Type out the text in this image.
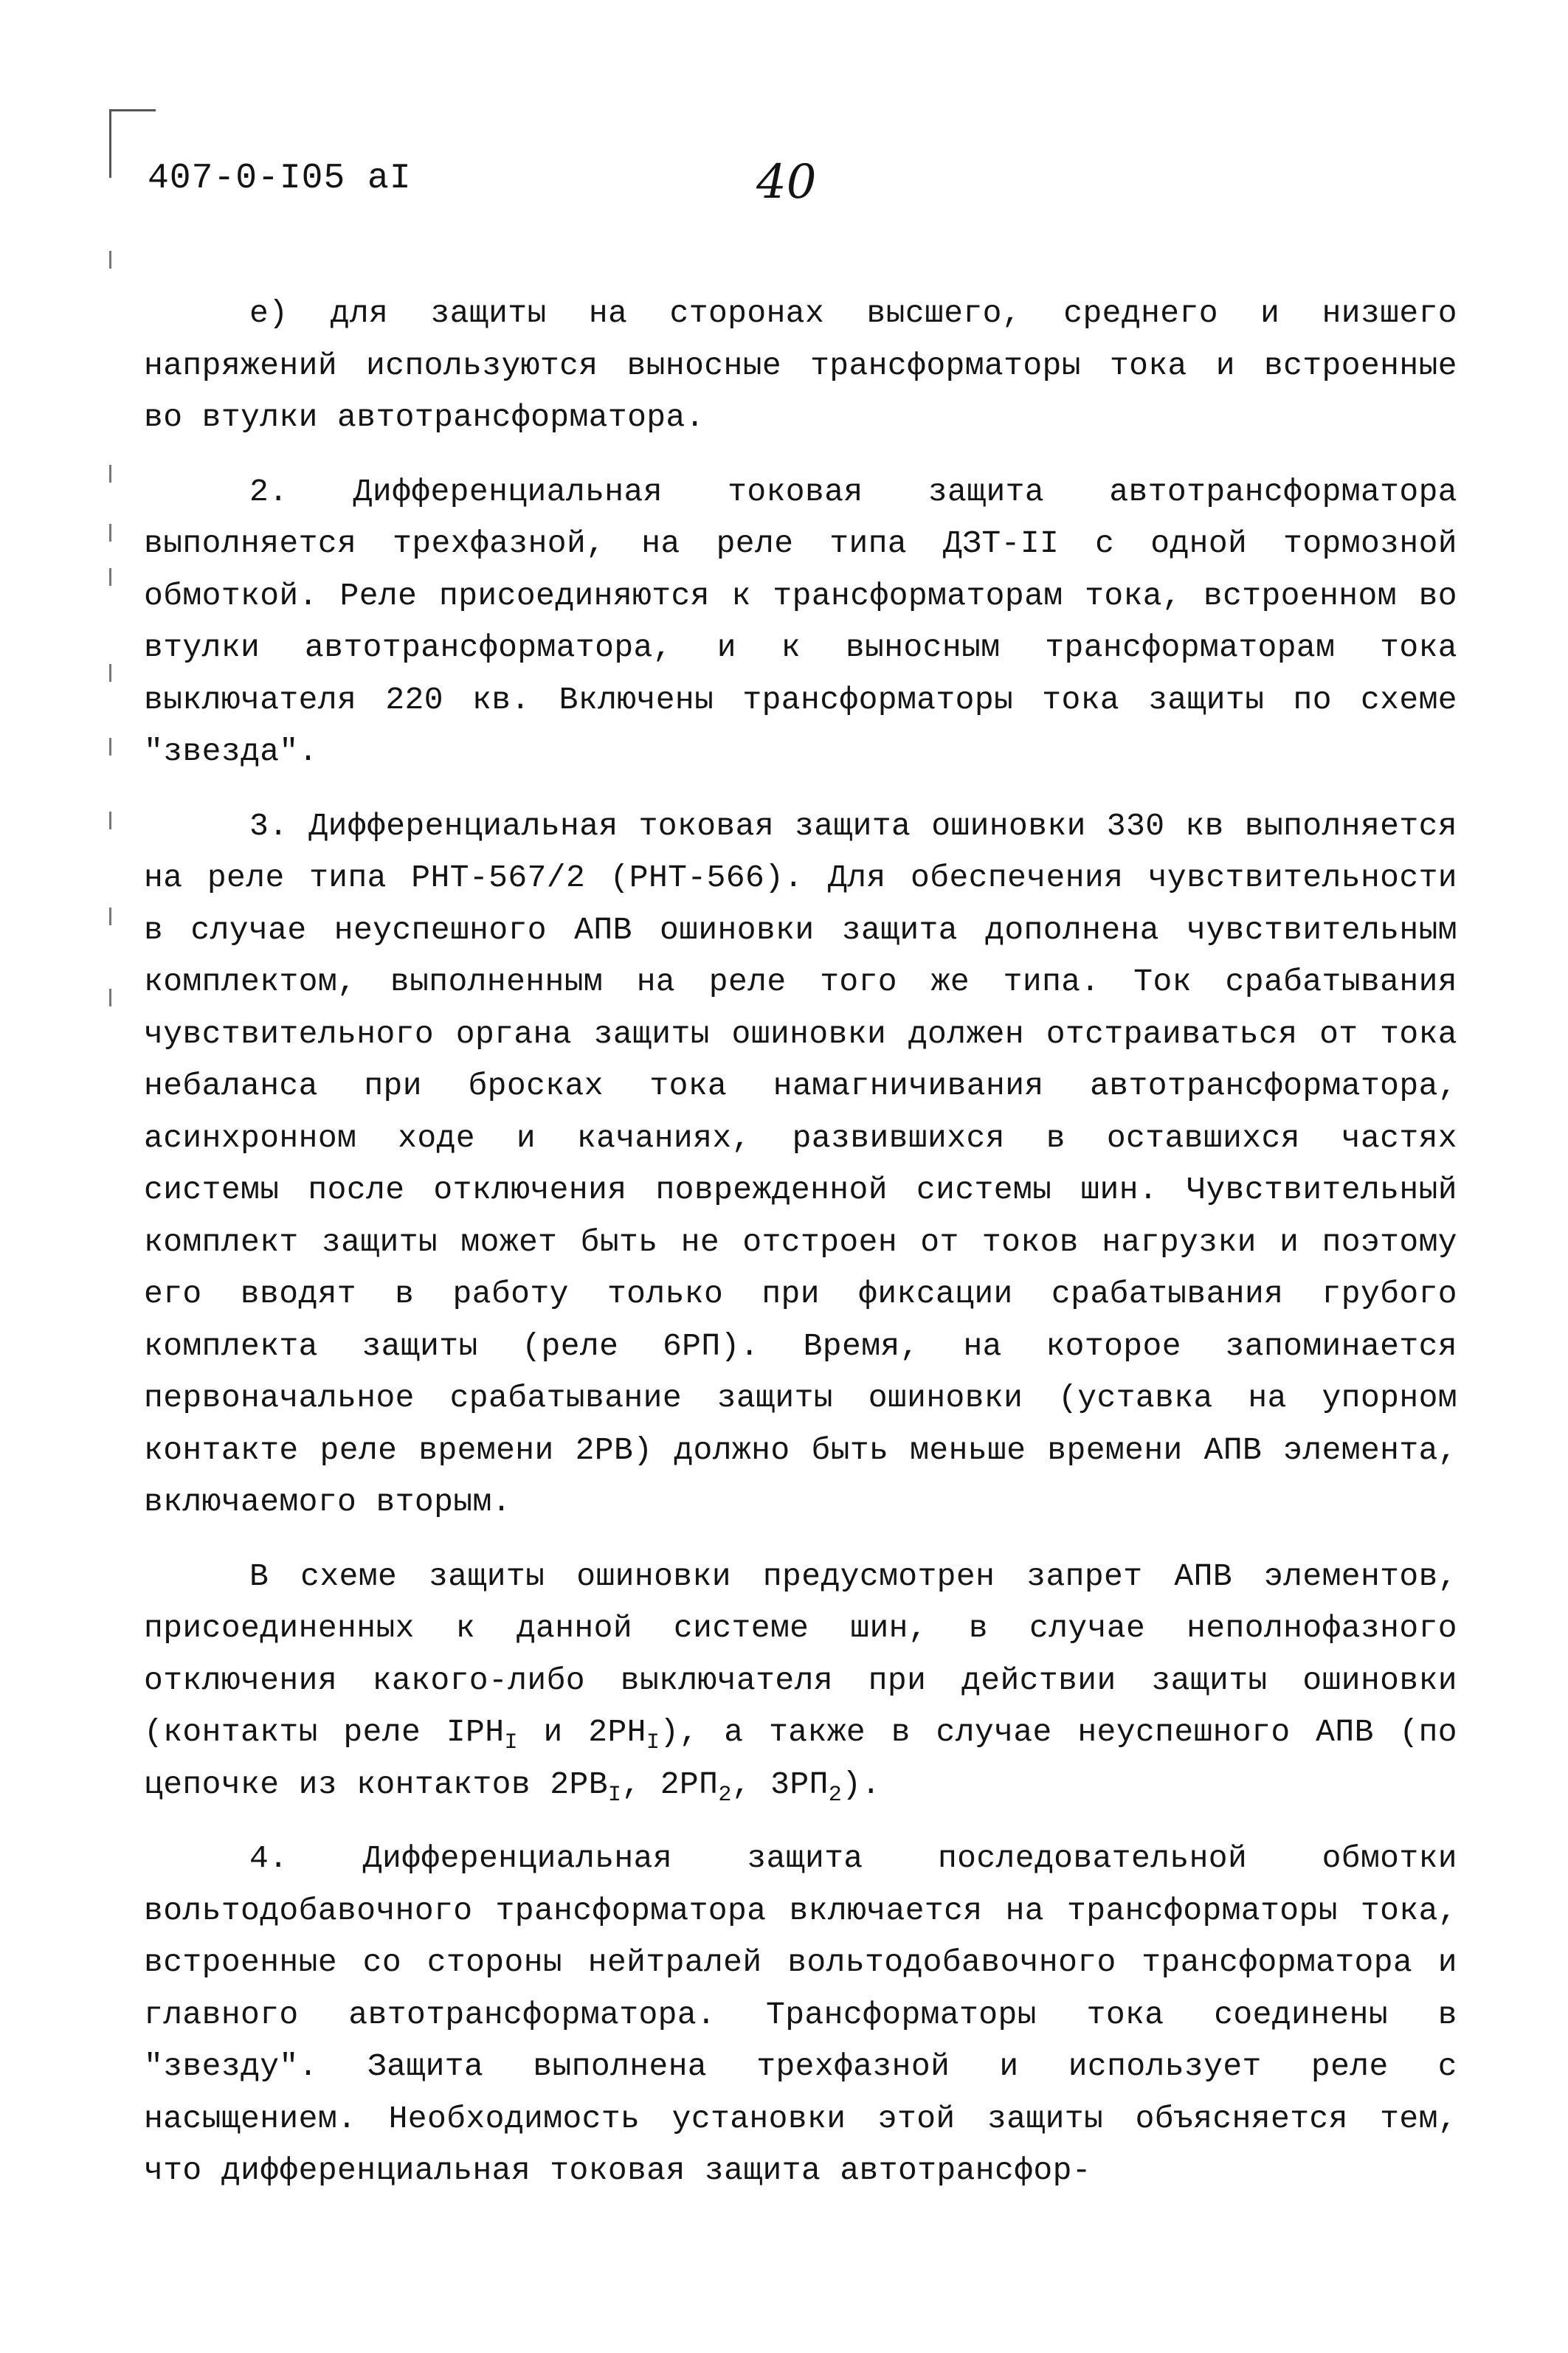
407-0-I05 aI	40

е) для защиты на сторонах высшего, среднего и низшего напряжений используются выносные трансформаторы тока и встроенные во втулки автотрансформатора.

2. Дифференциальная токовая защита автотрансформатора выполняется трехфазной, на реле типа ДЗТ-II с одной тормозной обмоткой. Реле присоединяются к трансформаторам тока, встроенном во втулки автотрансформатора, и к выносным трансформаторам тока выключателя 220 кв. Включены трансформаторы тока защиты по схеме "звезда".

3. Дифференциальная токовая защита ошиновки 330 кв выполняется на реле типа РНТ-567/2 (РНТ-566). Для обеспечения чувствительности в случае неуспешного АПВ ошиновки защита дополнена чувствительным комплектом, выполненным на реле того же типа. Ток срабатывания чувствительного органа защиты ошиновки должен отстраиваться от тока небаланса при бросках тока намагничивания автотрансформатора, асинхронном ходе и качаниях, развившихся в оставшихся частях системы после отключения поврежденной системы шин. Чувствительный комплект защиты может быть не отстроен от токов нагрузки и поэтому его вводят в работу только при фиксации срабатывания грубого комплекта защиты (реле 6РП). Время, на которое запоминается первоначальное срабатывание защиты ошиновки (уставка на упорном контакте реле времени 2РВ) должно быть меньше времени АПВ элемента, включаемого вторым.

В схеме защиты ошиновки предусмотрен запрет АПВ элементов, присоединенных к данной системе шин, в случае неполнофазного отключения какого-либо выключателя при действии защиты ошиновки (контакты реле $IРН_I$ и $2РН_I$), а также в случае неуспешного АПВ (по цепочке из контактов $2РВ_I$, $2РП_2$, $3РП_2$).

4. Дифференциальная защита последовательной обмотки вольтодобавочного трансформатора включается на трансформаторы тока, встроенные со стороны нейтралей вольтодобавочного трансформатора и главного автотрансформатора. Трансформаторы тока соединены в "звезду". Защита выполнена трехфазной и использует реле с насыщением. Необходимость установки этой защиты объясняется тем, что дифференциальная токовая защита автотрансфор-
